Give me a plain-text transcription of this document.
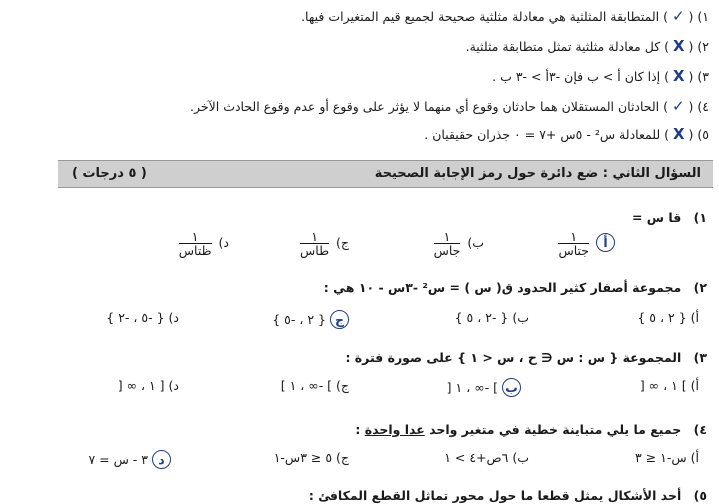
١) ( ✓ ) المتطابقة المثلثية هي معادلة مثلثية صحيحة لجميع قيم المتغيرات فيها.
٢) ( X ) كل معادلة مثلثية تمثل متطابقة مثلثية.
٣) ( X ) إذا كان أ > ب فإن -٣أ > -٣ ب .
٤) ( ✓ ) الحادثان المستقلان هما حادثان وقوع أي منهما لا يؤثر على وقوع أو عدم وقوع الحادث الآخر.
٥) ( X ) للمعادلة س² - ٥س +٧ = ٠ جذران حقيقيان .
السؤال الثاني : ضع دائرة حول رمز الإجابة الصحيحة
( ٥ درجات )
١) قا س =
أ
$\frac{١}{\text{جتاس}}$
ب)
$\frac{١}{\text{جاس}}$
ج)
$\frac{١}{\text{طاس}}$
د)
$\frac{١}{\text{ظتاس}}$
٢) مجموعة أصفار كثير الحدود ق( س ) = س² -٣س - ١٠ هي :
أ) { ٢ ، ٥ }
ب) { -٢ ، ٥ }
ج { ٢ ، -٥ }
د) { -٥ ، -٢ }
٣) المجموعة { س : س ∈ ح ، س < ١ } على صورة فترة :
أ) ] ١ ، ∞ [
ب ] -∞ ، ١ [
ج) ] -∞ ، ١ ]
د) [ ١ ، ∞ [
٤) جميع ما يلي متباينة خطية في متغير واحد عدا واحدة :
أ) س-١ ≤ ٣
ب) ٦ص+٤ > ١
ج) ٥ ≤ ٣س-١
د ٣ - س = ٧
٥) أحد الأشكال يمثل قطعا ما حول محور تماثل القطع المكافئ :
